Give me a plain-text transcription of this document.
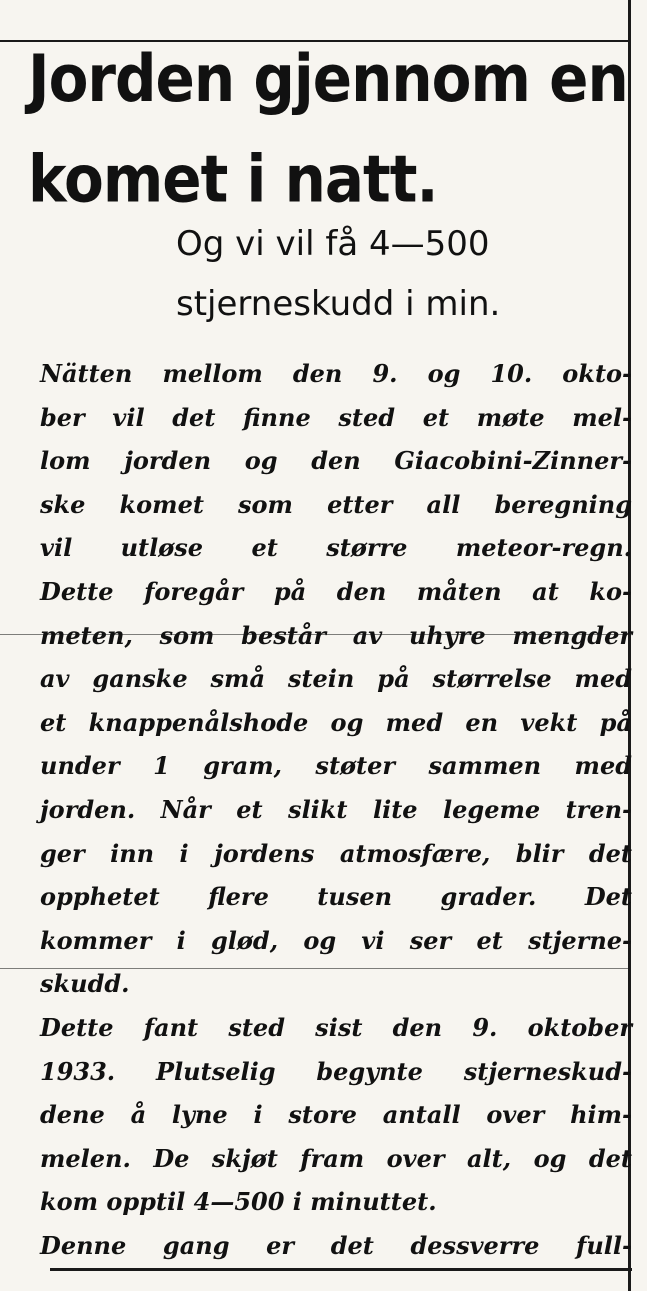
Jorden gjennom en
komet i natt.
Og vi vil få 4—500
stjerneskudd i min.
Nätten mellom den 9. og 10. okto-
ber vil det finne sted et møte mel-
lom jorden og den Giacobini-Zinner-
ske komet som etter all beregning
vil utløse et større meteor-regn.
Dette foregår på den måten at ko-
meten, som består av uhyre mengder
av ganske små stein på størrelse med
et knappenålshode og med en vekt på
under 1 gram, støter sammen med
jorden. Når et slikt lite legeme tren-
ger inn i jordens atmosfære, blir det
opphetet flere tusen grader. Det
kommer i glød, og vi ser et stjerne-
skudd.
Dette fant sted sist den 9. oktober
1933. Plutselig begynte stjerneskud-
dene å lyne i store antall over him-
melen. De skjøt fram over alt, og det
kom opptil 4—500 i minuttet.
Denne gang er det dessverre full-
